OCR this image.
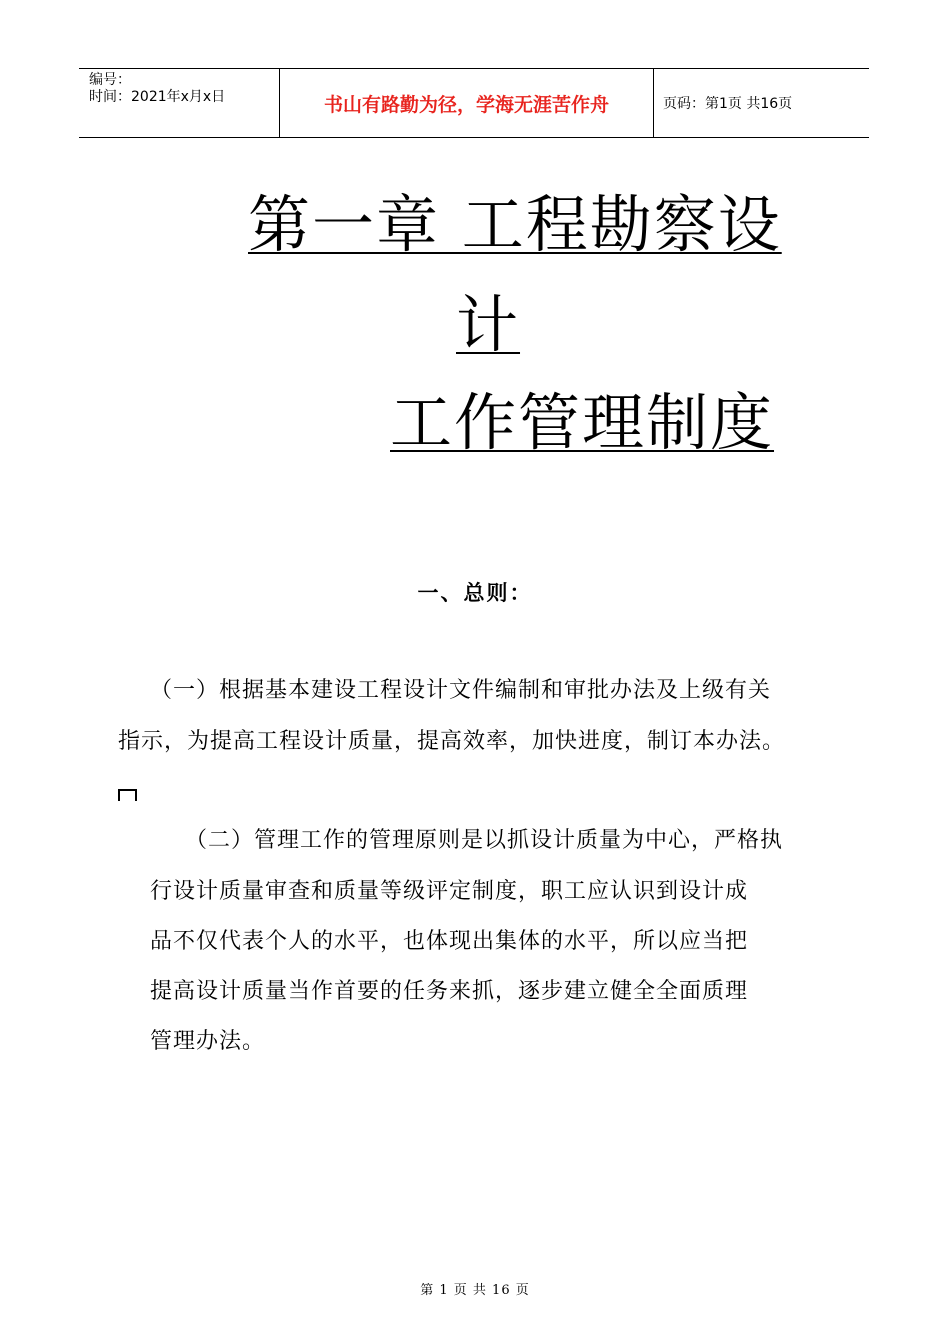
编号：
时间：2021年x月x日	书山有路勤为径，学海无涯苦作舟	页码：第1页 共16页
第一章 工程勘察设
计
工作管理制度
一、总则：
（一）根据基本建设工程设计文件编制和审批办法及上级有关
指示，为提高工程设计质量，提高效率，加快进度，制订本办法。
（二）管理工作的管理原则是以抓设计质量为中心，严格执
行设计质量审查和质量等级评定制度，职工应认识到设计成
品不仅代表个人的水平，也体现出集体的水平，所以应当把
提高设计质量当作首要的任务来抓，逐步建立健全全面质理
管理办法。
第 1 页 共 16 页
